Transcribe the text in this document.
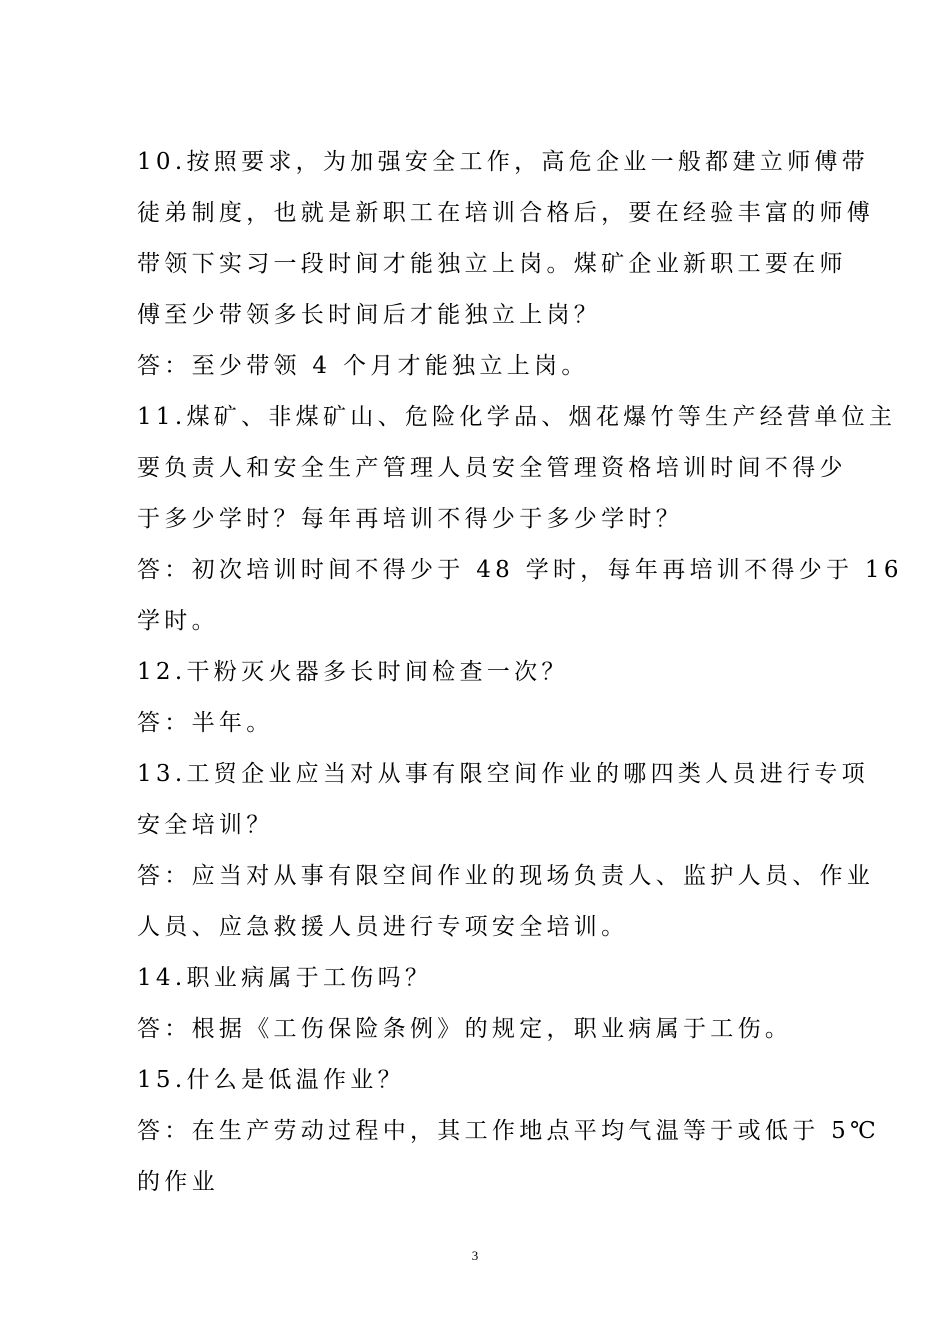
10.按照要求，为加强安全工作，高危企业一般都建立师傅带
徒弟制度，也就是新职工在培训合格后，要在经验丰富的师傅
带领下实习一段时间才能独立上岗。煤矿企业新职工要在师
傅至少带领多长时间后才能独立上岗？
答：至少带领 4 个月才能独立上岗。
11.煤矿、非煤矿山、危险化学品、烟花爆竹等生产经营单位主
要负责人和安全生产管理人员安全管理资格培训时间不得少
于多少学时？每年再培训不得少于多少学时？
答：初次培训时间不得少于 48 学时，每年再培训不得少于 16
学时。
12.干粉灭火器多长时间检查一次？
答：半年。
13.工贸企业应当对从事有限空间作业的哪四类人员进行专项
安全培训？
答：应当对从事有限空间作业的现场负责人、监护人员、作业
人员、应急救援人员进行专项安全培训。
14.职业病属于工伤吗？
答：根据《工伤保险条例》的规定，职业病属于工伤。
15.什么是低温作业？
答：在生产劳动过程中，其工作地点平均气温等于或低于 5℃
的作业
3
